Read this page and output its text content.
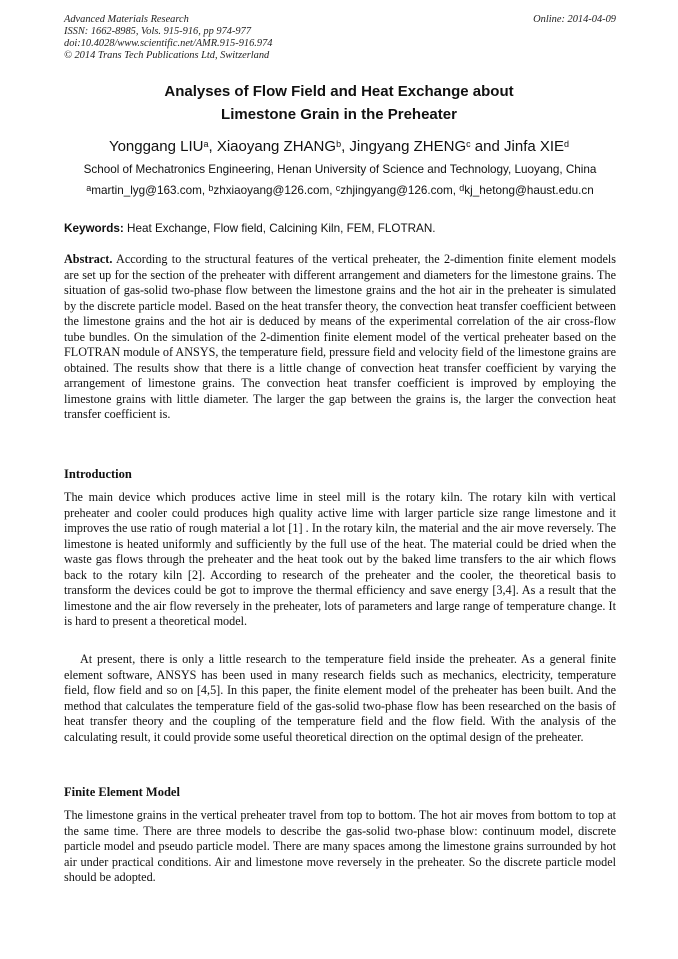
Advanced Materials Research
ISSN: 1662-8985, Vols. 915-916, pp 974-977
doi:10.4028/www.scientific.net/AMR.915-916.974
© 2014 Trans Tech Publications Ltd, Switzerland
Online: 2014-04-09
Analyses of Flow Field and Heat Exchange about
Limestone Grain in the Preheater
Yonggang LIU$^a$, Xiaoyang ZHANG$^b$, Jingyang ZHENG$^c$ and Jinfa XIE$^d$
School of Mechatronics Engineering, Henan University of Science and Technology, Luoyang, China
$^a$martin_lyg@163.com, $^b$zhxiaoyang@126.com, $^c$zhjingyang@126.com, $^d$kj_hetong@haust.edu.cn
Keywords: Heat Exchange, Flow field, Calcining Kiln, FEM, FLOTRAN.
Abstract. According to the structural features of the vertical preheater, the 2-dimention finite element models are set up for the section of the preheater with different arrangement and diameters for the limestone grains. The situation of gas-solid two-phase flow between the limestone grains and the hot air in the preheater is simulated by the discrete particle model. Based on the heat transfer theory, the convection heat transfer coefficient between the limestone grains and the hot air is deduced by means of the experimental correlation of the air cross-flow tube bundles. On the simulation of the 2-dimention finite element model of the vertical preheater based on the FLOTRAN module of ANSYS, the temperature field, pressure field and velocity field of the limestone grains are obtained. The results show that there is a little change of convection heat transfer coefficient by varying the arrangement of limestone grains. The convection heat transfer coefficient is improved by employing the limestone grains with little diameter. The larger the gap between the grains is, the larger the convection heat transfer coefficient is.
Introduction
The main device which produces active lime in steel mill is the rotary kiln. The rotary kiln with vertical preheater and cooler could produces high quality active lime with larger particle size range limestone and it improves the use ratio of rough material a lot [1] . In the rotary kiln, the material and the air move reversely. The limestone is heated uniformly and sufficiently by the full use of the heat. The material could be dried when the waste gas flows through the preheater and the heat took out by the baked lime transfers to the air which flows back to the rotary kiln [2]. According to research of the preheater and the cooler, the theoretical basis to transform the devices could be got to improve the thermal efficiency and save energy [3,4]. As a result that the limestone and the air flow reversely in the preheater, lots of parameters and large range of temperature change. It is hard to present a theoretical model.
At present, there is only a little research to the temperature field inside the preheater. As a general finite element software, ANSYS has been used in many research fields such as mechanics, electricity, temperature field, flow field and so on [4,5]. In this paper, the finite element model of the preheater has been built. And the method that calculates the temperature field of the gas-solid two-phase flow has been researched on the basis of heat transfer theory and the coupling of the temperature field and the flow field. With the analysis of the calculating result, it could provide some useful theoretical direction on the optimal design of the preheater.
Finite Element Model
The limestone grains in the vertical preheater travel from top to bottom. The hot air moves from bottom to top at the same time. There are three models to describe the gas-solid two-phase blow: continuum model, discrete particle model and pseudo particle model. There are many spaces among the limestone grains surrounded by hot air under practical conditions. Air and limestone move reversely in the preheater. So the discrete particle model should be adopted.
